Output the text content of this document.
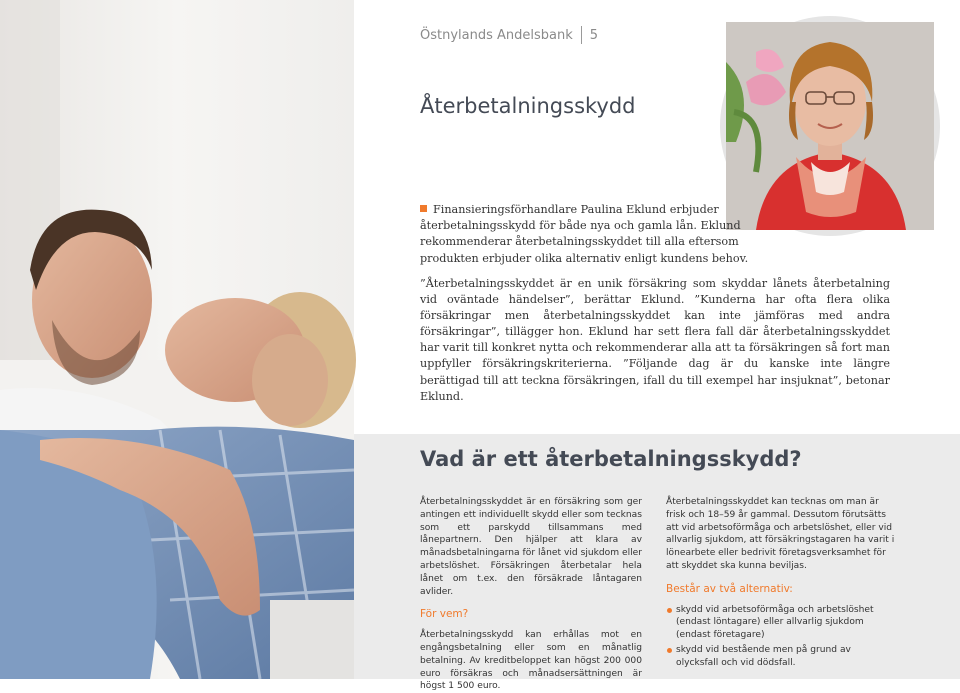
Östnylands Andelsbank 5
Återbetalningsskydd

Finansieringsförhandlare Paulina Eklund erbjuder återbetalningsskydd för både nya och gamla lån. Eklund rekommenderar återbetalningsskyddet till alla eftersom produkten erbjuder olika alternativ enligt kundens behov.

”Återbetalningsskyddet är en unik försäkring som skyddar lånets återbetalning vid oväntade händelser”, berättar Eklund. ”Kunderna har ofta flera olika försäkringar men återbetalningsskyddet kan inte jämföras med andra försäkringar”, tillägger hon. Eklund har sett flera fall där återbetalningsskyddet har varit till konkret nytta och rekommenderar alla att ta försäkringen så fort man uppfyller försäkringskriterierna. ”Följande dag är du kanske inte längre berättigad till att teckna försäkringen, ifall du till exempel har insjuknat”, betonar Eklund.

Vad är ett återbetalningsskydd?

Återbetalningsskyddet är en försäkring som ger antingen ett individuellt skydd eller som tecknas som ett parskydd tillsammans med lånepartnern. Den hjälper att klara av månadsbetalningarna för lånet vid sjukdom eller arbetslöshet. Försäkringen återbetalar hela lånet om t.ex. den försäkrade låntagaren avlider.

För vem?

Återbetalningsskydd kan erhållas mot en engångsbetalning eller som en månatlig betalning. Av kreditbeloppet kan högst 200 000 euro försäkras och månadsersättningen är högst 1 500 euro.

Återbetalningsskyddet kan tecknas om man är frisk och 18–59 år gammal. Dessutom förutsätts att vid arbetsoförmåga och arbetslöshet, eller vid allvarlig sjukdom, att försäkringstagaren ha varit i lönearbete eller bedrivit företagsverksamhet för att skyddet ska kunna beviljas.

Består av två alternativ:
skydd vid arbetsoförmåga och arbetslöshet (endast löntagare) eller allvarlig sjukdom (endast företagare)
skydd vid bestående men på grund av olycksfall och vid dödsfall.
